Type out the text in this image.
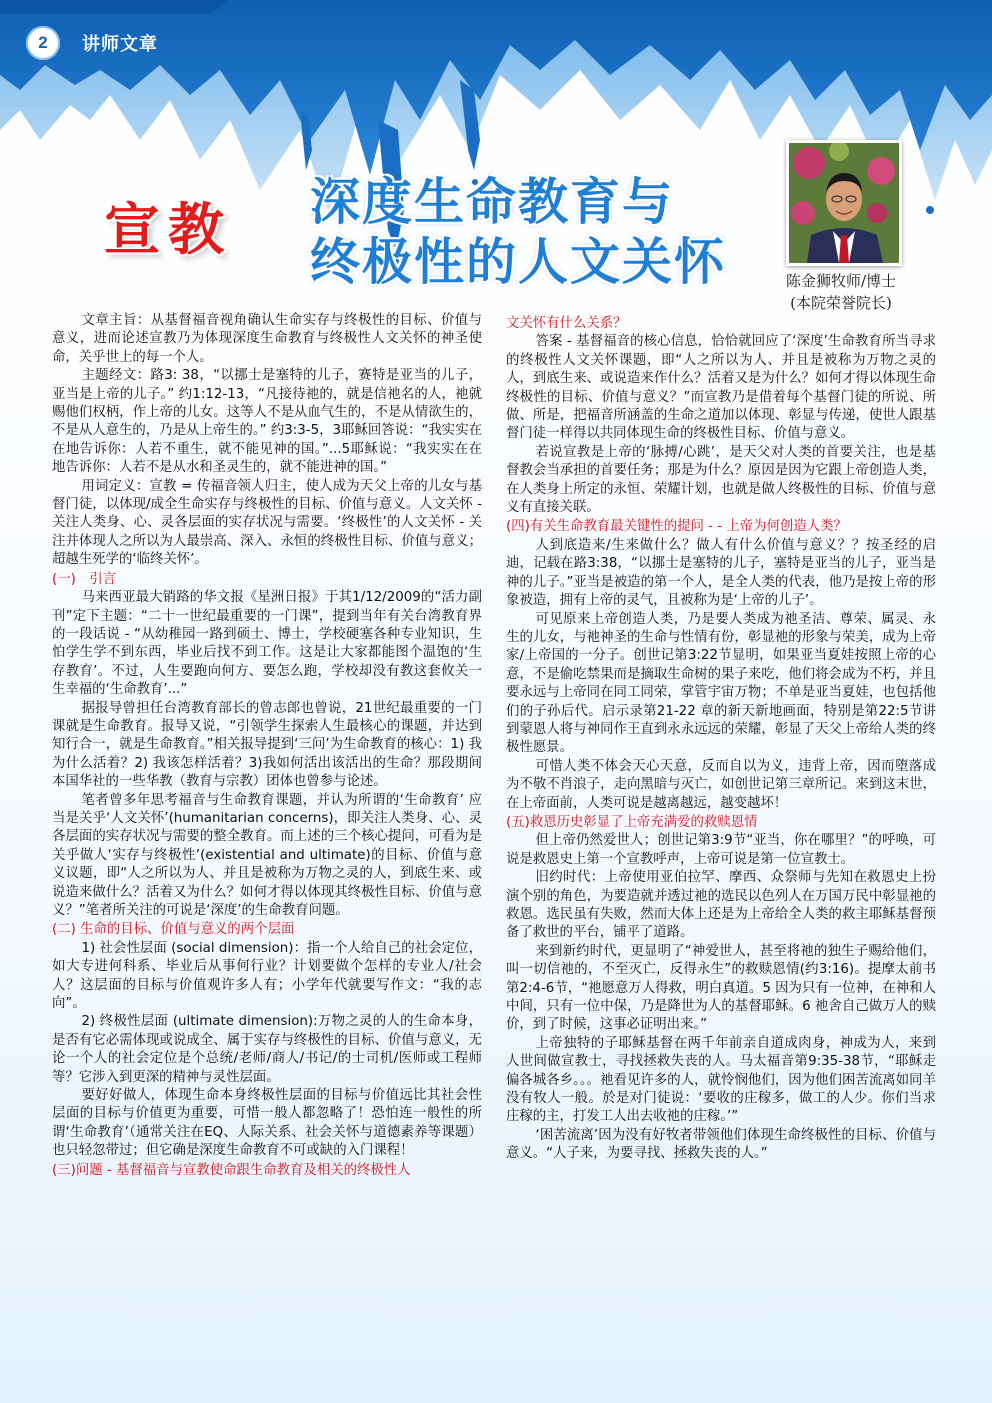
2	讲师文章
宣教 深度生命教育与
终极性的人文关怀	陈金狮牧师/博士
(本院荣誉院长)

文章主旨：从基督福音视角确认生命实存与终极性的目标、价值与意义，进而论述宣教乃为体现深度生命教育与终极性人文关怀的神圣使命，关乎世上的每一个人。

主题经文：路3: 38，“以挪士是塞特的儿子，赛特是亚当的儿子，亚当是上帝的儿子。” 约1:12-13，“凡接待祂的，就是信祂名的人，祂就赐他们权柄，作上帝的儿女。这等人不是从血气生的，不是从情欲生的，不是从人意生的，乃是从上帝生的。” 约3:3-5，3耶稣回答说：“我实实在在地告诉你：人若不重生，就不能见神的国。”...5耶稣说：“我实实在在地告诉你：人若不是从水和圣灵生的，就不能进神的国。”

用词定义：宣教 = 传福音领人归主，使人成为天父上帝的儿女与基督门徒，以体现/成全生命实存与终极性的目标、价值与意义。人文关怀 - 关注人类身、心、灵各层面的实存状况与需要。‘终极性’的人文关怀 - 关注并体现人之所以为人最崇高、深入、永恒的终极性目标、价值与意义；超越生死学的‘临终关怀’。

(一)　引言

马来西亚最大销路的华文报《星洲日报》于其1/12/2009的“活力副刊”定下主题：“二十一世纪最重要的一门课”，提到当年有关台湾教育界的一段话说 - “从幼稚园一路到硕士、博士，学校硬塞各种专业知识，生怕学生学不到东西，毕业后找不到工作。这是让大家都能图个温饱的‘生存教育’。不过，人生要跑向何方、要怎么跑，学校却没有教这套攸关一生幸福的‘生命教育’...”

据报导曾担任台湾教育部长的曾志郎也曾说，21世纪最重要的一门课就是生命教育。报导又说，“引领学生探索人生最核心的课题，并达到知行合一，就是生命教育。”相关报导提到‘三问’为生命教育的核心：1) 我为什么活着？2) 我该怎样活着？3)我如何活出该活出的生命？那段期间本国华社的一些华教（教育与宗教）团体也曾参与论述。

笔者曾多年思考福音与生命教育课题，并认为所谓的‘生命教育’ 应当是关乎‘人文关怀’(humanitarian concerns)，即关注人类身、心、灵各层面的实存状况与需要的整全教育。而上述的三个核心提问，可看为是关乎做人‘实存与终极性’(existential and ultimate)的目标、价值与意义议题，即“人之所以为人、并且是被称为万物之灵的人，到底生来、或说造来做什么？活着又为什么？如何才得以体现其终极性目标、价值与意义？”笔者所关注的可说是‘深度’的生命教育问题。

(二) 生命的目标、价值与意义的两个层面

1) 社会性层面 (social dimension)：指一个人给自己的社会定位，如大专进何科系、毕业后从事何行业？计划要做个怎样的专业人/社会人？这层面的目标与价值观许多人有；小学年代就要写作文：“我的志向”。

2) 终极性层面 (ultimate dimension):万物之灵的人的生命本身，是否有它必需体现或说成全、属于实存与终极性的目标、价值与意义，无论一个人的社会定位是个总统/老师/商人/书记/的士司机/医师或工程师等？它涉入到更深的精神与灵性层面。

要好好做人，体现生命本身终极性层面的目标与价值远比其社会性层面的目标与价值更为重要，可惜一般人都忽略了！恐怕连一般性的所谓‘生命教育’（通常关注在EQ、人际关系、社会关怀与道德素养等课题）也只轻忽带过；但它确是深度生命教育不可或缺的入门课程！

(三)问题 - 基督福音与宣教使命跟生命教育及相关的终极性人
文关怀有什么关系？

答案 - 基督福音的核心信息，恰恰就回应了‘深度’生命教育所当寻求的终极性人文关怀课题，即“人之所以为人、并且是被称为万物之灵的人，到底生来、或说造来作什么？活着又是为什么？如何才得以体现生命终极性的目标、价值与意义？”而宣教乃是借着每个基督门徒的所说、所做、所是，把福音所涵盖的生命之道加以体现、彰显与传递，使世人跟基督门徒一样得以共同体现生命的终极性目标、价值与意义。

若说宣教是上帝的‘脉搏/心跳’，是天父对人类的首要关注，也是基督教会当承担的首要任务；那是为什么？原因是因为它跟上帝创造人类，在人类身上所定的永恒、荣耀计划，也就是做人终极性的目标、价值与意义有直接关联。

(四)有关生命教育最关键性的提问 - - 上帝为何创造人类？

人到底造来/生来做什么？做人有什么价值与意义？？按圣经的启迪，记载在路3:38，“以挪士是塞特的儿子，塞特是亚当的儿子，亚当是神的儿子。”亚当是被造的第一个人，是全人类的代表，他乃是按上帝的形象被造，拥有上帝的灵气，且被称为是‘上帝的儿子’。

可见原来上帝创造人类，乃是要人类成为祂圣洁、尊荣、属灵、永生的儿女，与祂神圣的生命与性情有份，彰显祂的形象与荣美，成为上帝家/上帝国的一分子。创世记第3:22节显明，如果亚当夏娃按照上帝的心意，不是偷吃禁果而是摘取生命树的果子来吃，他们将会成为不朽，并且要永远与上帝同在同工同荣，掌管宇宙万物；不单是亚当夏娃，也包括他们的子孙后代。启示录第21-22 章的新天新地画面，特别是第22:5节讲到蒙恩人将与神同作王直到永永远远的荣耀，彰显了天父上帝给人类的终极性愿景。

可惜人类不体会天心天意，反而自以为义，违背上帝，因而堕落成为不敬不肖浪子，走向黑暗与灭亡，如创世记第三章所记。来到这末世，在上帝面前，人类可说是越离越远，越变越坏！

(五)救恩历史彰显了上帝充满爱的救赎恩情

但上帝仍然爱世人；创世记第3:9节“亚当，你在哪里？”的呼唤，可说是救恩史上第一个宣教呼声，上帝可说是第一位宣教士。

旧约时代：上帝使用亚伯拉罕、摩西、众祭师与先知在救恩史上扮演个别的角色，为要造就并透过祂的选民以色列人在万国万民中彰显祂的救恩。选民虽有失败，然而大体上还是为上帝给全人类的救主耶稣基督预备了救世的平台，铺平了道路。

来到新约时代，更显明了“神爱世人，甚至将祂的独生子赐给他们，叫一切信祂的，不至灭亡，反得永生”的救赎恩情(约3:16)。提摩太前书第2:4-6节，“祂愿意万人得救，明白真道。5 因为只有一位神，在神和人中间，只有一位中保，乃是降世为人的基督耶稣。6 祂舍自己做万人的赎价，到了时候，这事必证明出来。”

上帝独特的子耶稣基督在两千年前亲自道成肉身，神成为人，来到人世间做宣教士，寻找拯救失丧的人。马太福音第9:35-38节，“耶稣走偏各城各乡。。。祂看见许多的人，就怜悯他们，因为他们困苦流离如同羊没有牧人一般。於是对门徒说：‘要收的庄稼多，做工的人少。你们当求庄稼的主，打发工人出去收祂的庄稼。’”

‘困苦流离’因为没有好牧者带领他们体现生命终极性的目标、价值与意义。“人子来，为要寻找、拯救失丧的人。”
